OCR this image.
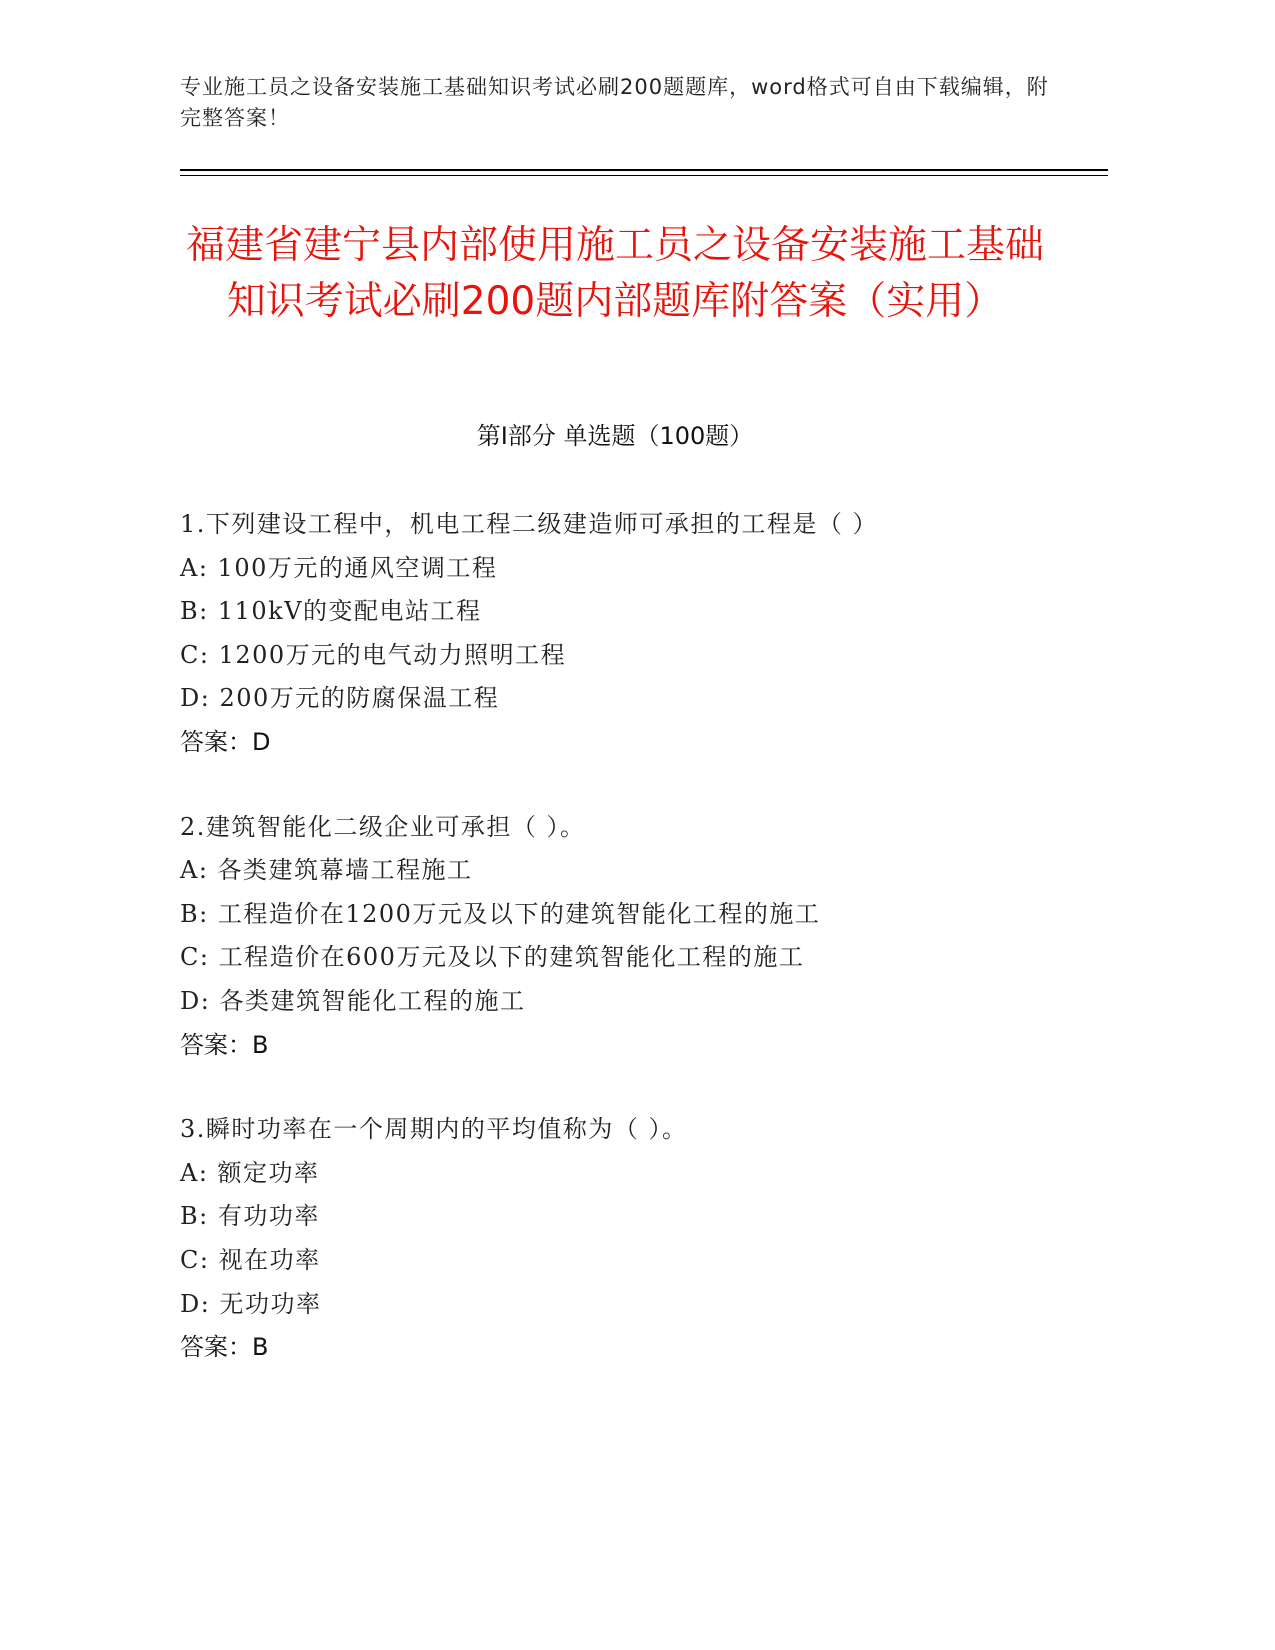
专业施工员之设备安装施工基础知识考试必刷200题题库，word格式可自由下载编辑，附完整答案！
福建省建宁县内部使用施工员之设备安装施工基础知识考试必刷200题内部题库附答案（实用）
第I部分 单选题（100题）
1.下列建设工程中，机电工程二级建造师可承担的工程是（ ）
A: 100万元的通风空调工程
B: 110kV的变配电站工程
C: 1200万元的电气动力照明工程
D: 200万元的防腐保温工程
答案：D
2.建筑智能化二级企业可承担（ ）。
A: 各类建筑幕墙工程施工
B: 工程造价在1200万元及以下的建筑智能化工程的施工
C: 工程造价在600万元及以下的建筑智能化工程的施工
D: 各类建筑智能化工程的施工
答案：B
3.瞬时功率在一个周期内的平均值称为（ ）。
A: 额定功率
B: 有功功率
C: 视在功率
D: 无功功率
答案：B
